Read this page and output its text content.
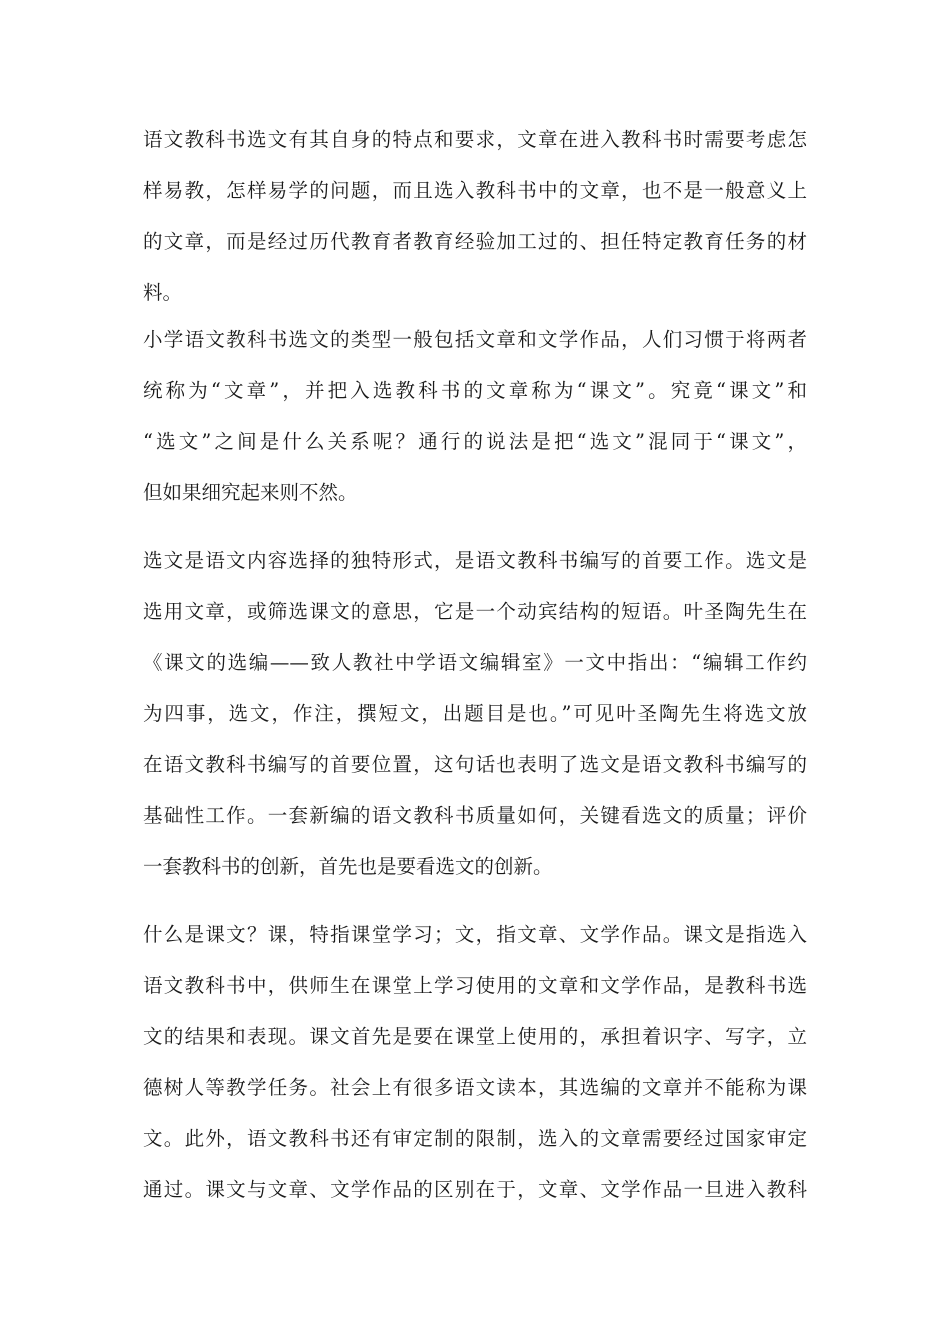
语文教科书选文有其自身的特点和要求，文章在进入教科书时需要考虑怎
样易教，怎样易学的问题，而且选入教科书中的文章，也不是一般意义上
的文章，而是经过历代教育者教育经验加工过的、担任特定教育任务的材
料。
小学语文教科书选文的类型一般包括文章和文学作品，人们习惯于将两者
统称为“文章”，并把入选教科书的文章称为“课文”。究竟“课文”和
“选文”之间是什么关系呢？通行的说法是把“选文”混同于“课文”，
但如果细究起来则不然。
选文是语文内容选择的独特形式，是语文教科书编写的首要工作。选文是
选用文章，或筛选课文的意思，它是一个动宾结构的短语。叶圣陶先生在
《课文的选编——致人教社中学语文编辑室》一文中指出：“编辑工作约
为四事，选文，作注，撰短文，出题目是也。”可见叶圣陶先生将选文放
在语文教科书编写的首要位置，这句话也表明了选文是语文教科书编写的
基础性工作。一套新编的语文教科书质量如何，关键看选文的质量；评价
一套教科书的创新，首先也是要看选文的创新。
什么是课文？课，特指课堂学习；文，指文章、文学作品。课文是指选入
语文教科书中，供师生在课堂上学习使用的文章和文学作品，是教科书选
文的结果和表现。课文首先是要在课堂上使用的，承担着识字、写字，立
德树人等教学任务。社会上有很多语文读本，其选编的文章并不能称为课
文。此外，语文教科书还有审定制的限制，选入的文章需要经过国家审定
通过。课文与文章、文学作品的区别在于，文章、文学作品一旦进入教科
